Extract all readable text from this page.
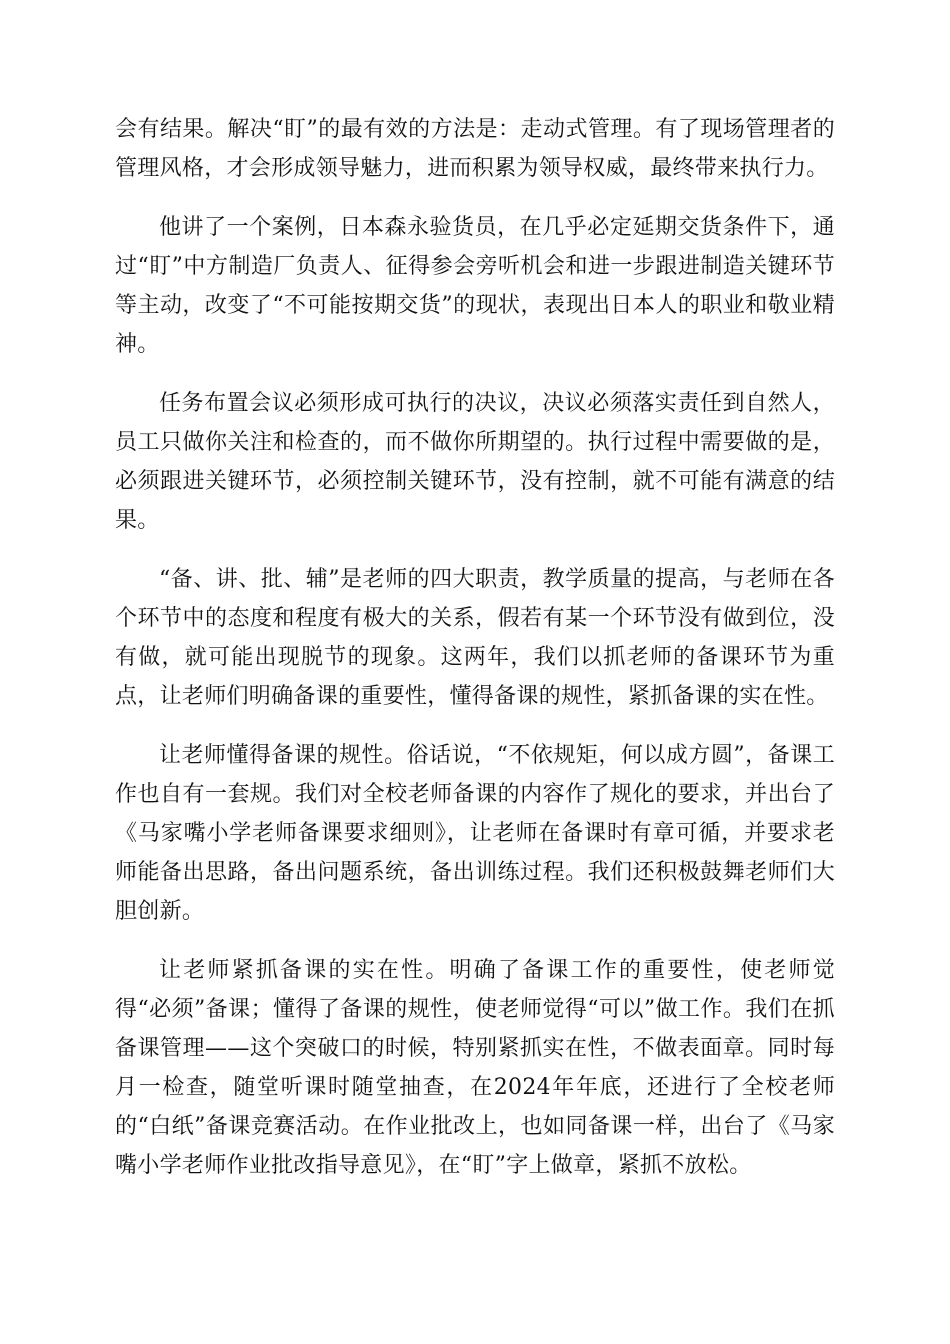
会有结果。解决“盯”的最有效的方法是：走动式管理。有了现场管理者的管理风格，才会形成领导魅力，进而积累为领导权威，最终带来执行力。

他讲了一个案例，日本森永验货员，在几乎必定延期交货条件下，通过“盯”中方制造厂负责人、征得参会旁听机会和进一步跟进制造关键环节等主动，改变了“不可能按期交货”的现状，表现出日本人的职业和敬业精神。

任务布置会议必须形成可执行的决议，决议必须落实责任到自然人，员工只做你关注和检查的，而不做你所期望的。执行过程中需要做的是，必须跟进关键环节，必须控制关键环节，没有控制，就不可能有满意的结果。

“备、讲、批、辅”是老师的四大职责，教学质量的提高，与老师在各个环节中的态度和程度有极大的关系，假若有某一个环节没有做到位，没有做，就可能出现脱节的现象。这两年，我们以抓老师的备课环节为重点，让老师们明确备课的重要性，懂得备课的规性，紧抓备课的实在性。

让老师懂得备课的规性。俗话说，“不依规矩，何以成方圆”，备课工作也自有一套规。我们对全校老师备课的内容作了规化的要求，并出台了《马家嘴小学老师备课要求细则》，让老师在备课时有章可循，并要求老师能备出思路，备出问题系统，备出训练过程。我们还积极鼓舞老师们大胆创新。

让老师紧抓备课的实在性。明确了备课工作的重要性，使老师觉得“必须”备课；懂得了备课的规性，使老师觉得“可以”做工作。我们在抓备课管理——这个突破口的时候，特别紧抓实在性，不做表面章。同时每月一检查，随堂听课时随堂抽查，在2024年年底，还进行了全校老师的“白纸”备课竞赛活动。在作业批改上，也如同备课一样，出台了《马家嘴小学老师作业批改指导意见》，在“盯”字上做章，紧抓不放松。
